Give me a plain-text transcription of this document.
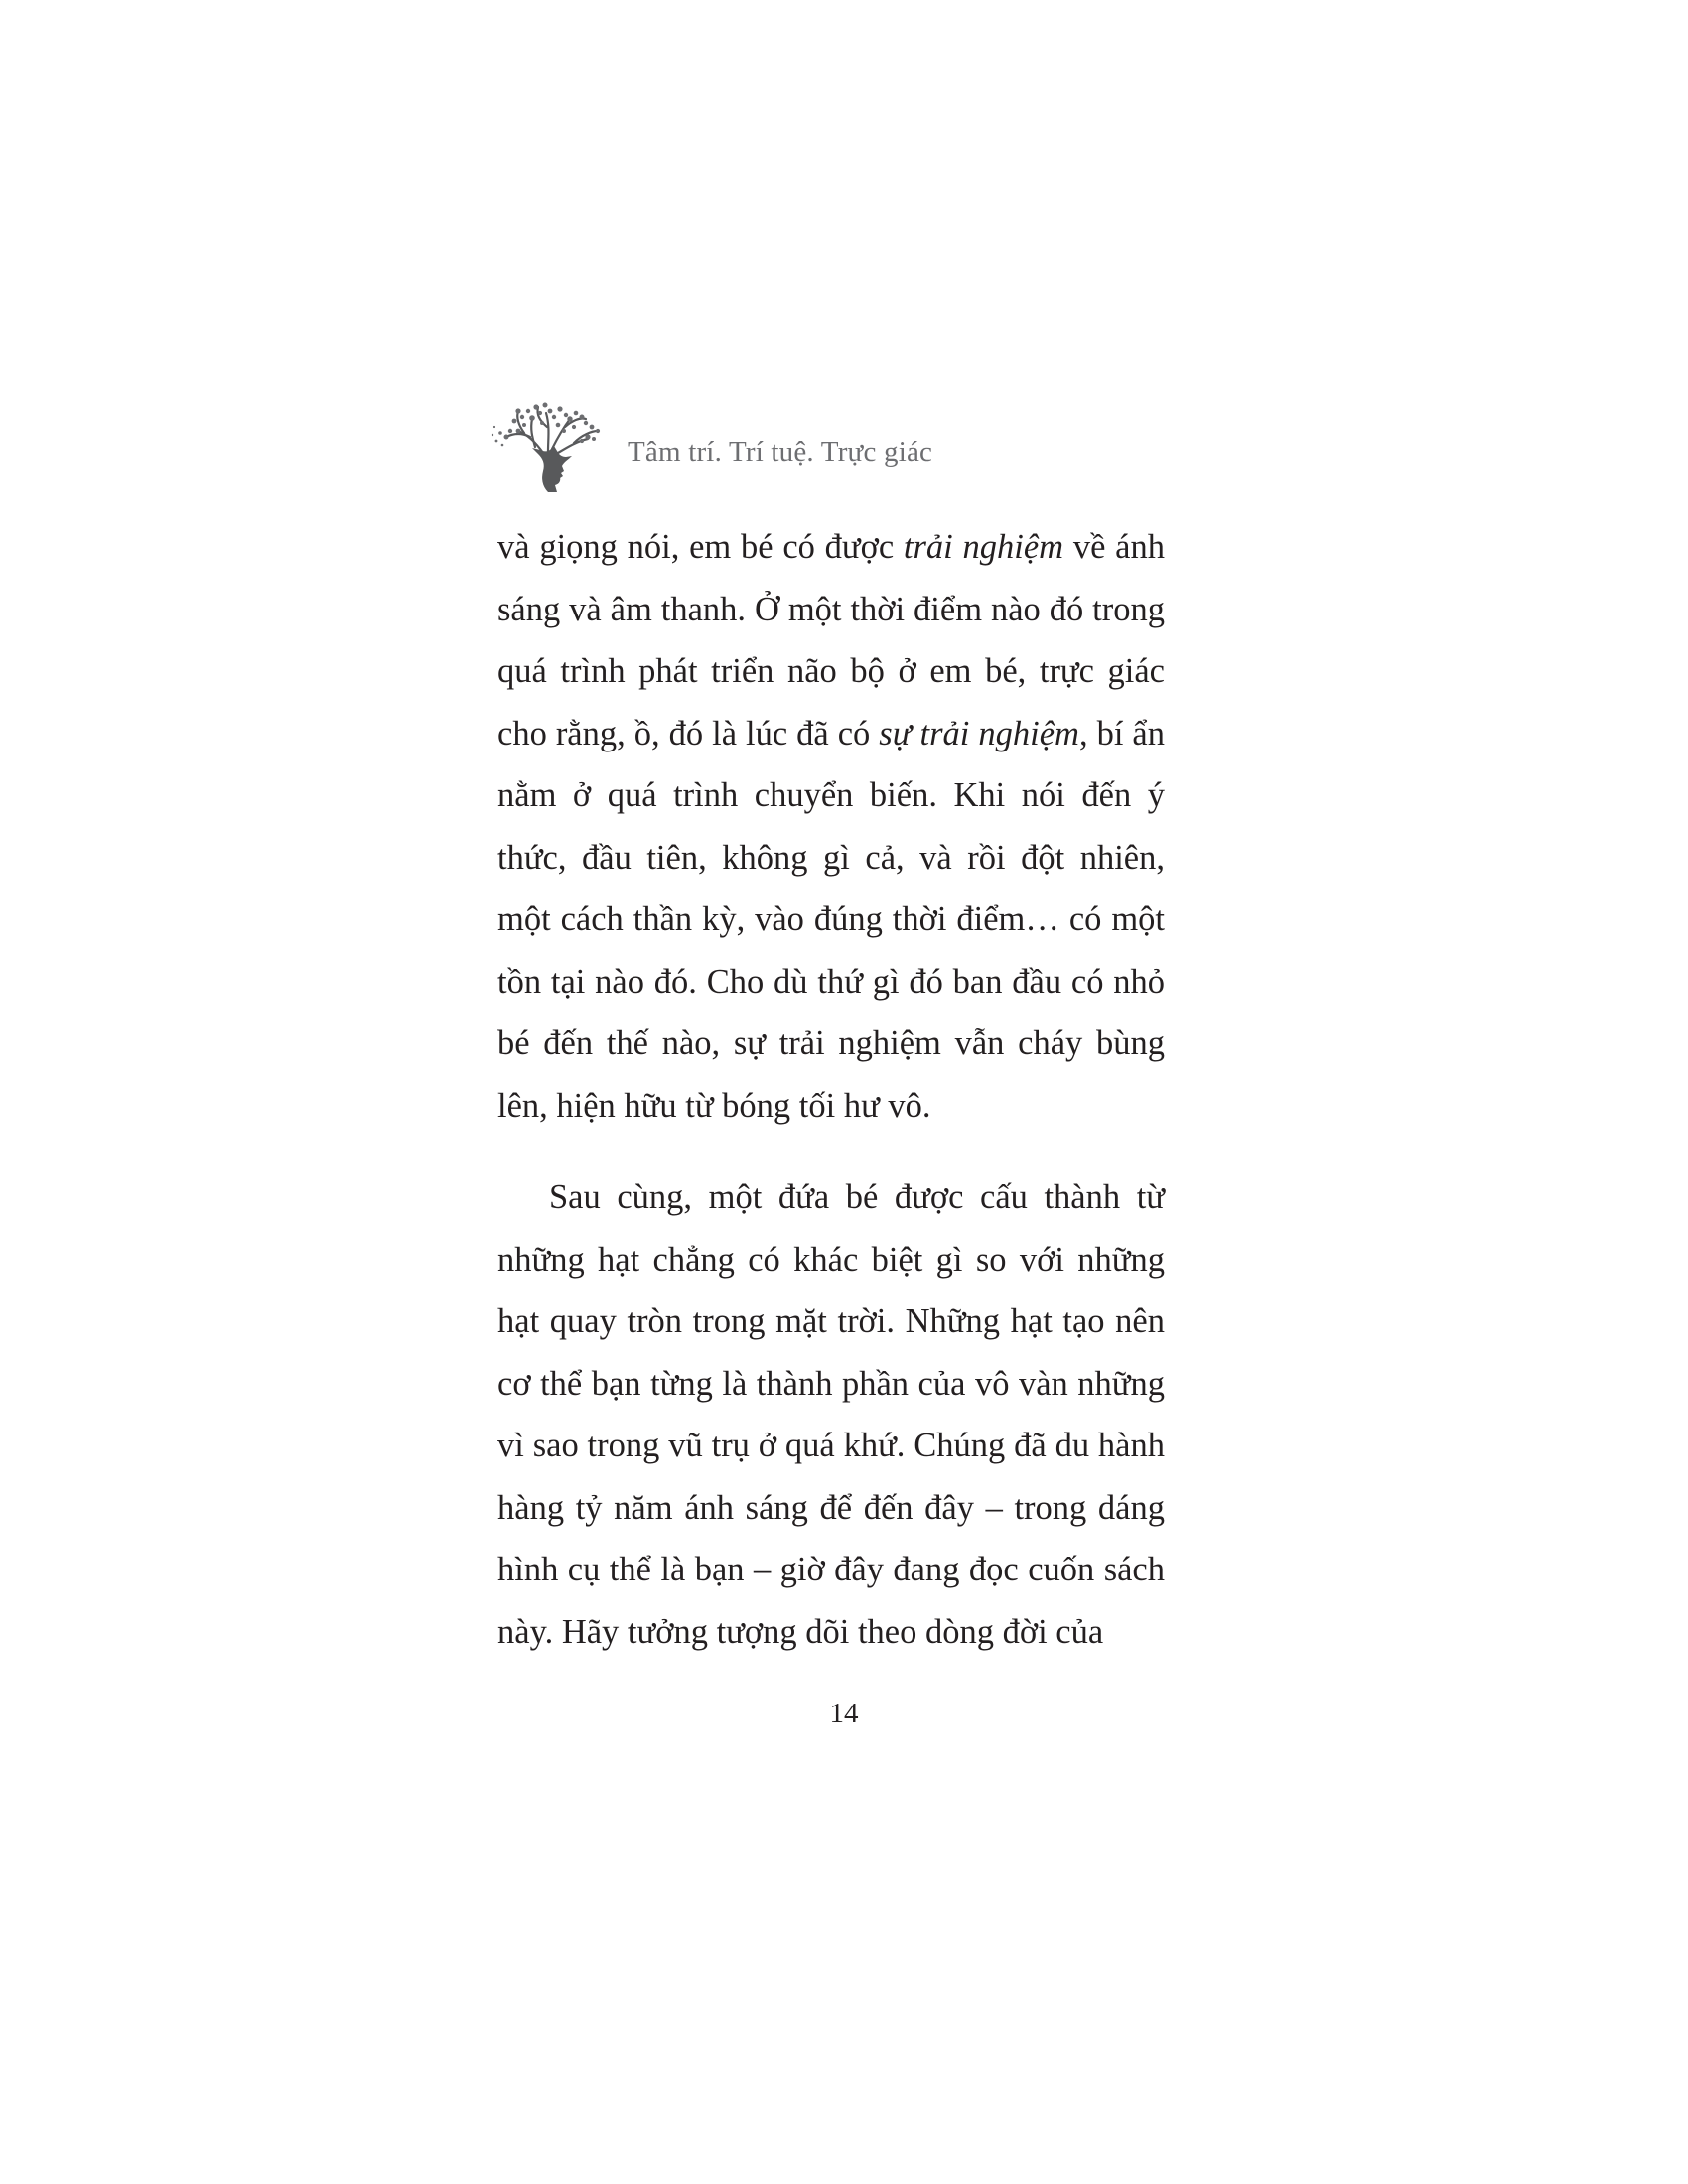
Tâm trí. Trí tuệ. Trực giác

và giọng nói, em bé có được trải nghiệm về ánh sáng và âm thanh. Ở một thời điểm nào đó trong quá trình phát triển não bộ ở em bé, trực giác cho rằng, ồ, đó là lúc đã có sự trải nghiệm, bí ẩn nằm ở quá trình chuyển biến. Khi nói đến ý thức, đầu tiên, không gì cả, và rồi đột nhiên, một cách thần kỳ, vào đúng thời điểm… có một tồn tại nào đó. Cho dù thứ gì đó ban đầu có nhỏ bé đến thế nào, sự trải nghiệm vẫn cháy bùng lên, hiện hữu từ bóng tối hư vô.

Sau cùng, một đứa bé được cấu thành từ những hạt chẳng có khác biệt gì so với những hạt quay tròn trong mặt trời. Những hạt tạo nên cơ thể bạn từng là thành phần của vô vàn những vì sao trong vũ trụ ở quá khứ. Chúng đã du hành hàng tỷ năm ánh sáng để đến đây – trong dáng hình cụ thể là bạn – giờ đây đang đọc cuốn sách này. Hãy tưởng tượng dõi theo dòng đời của

14
